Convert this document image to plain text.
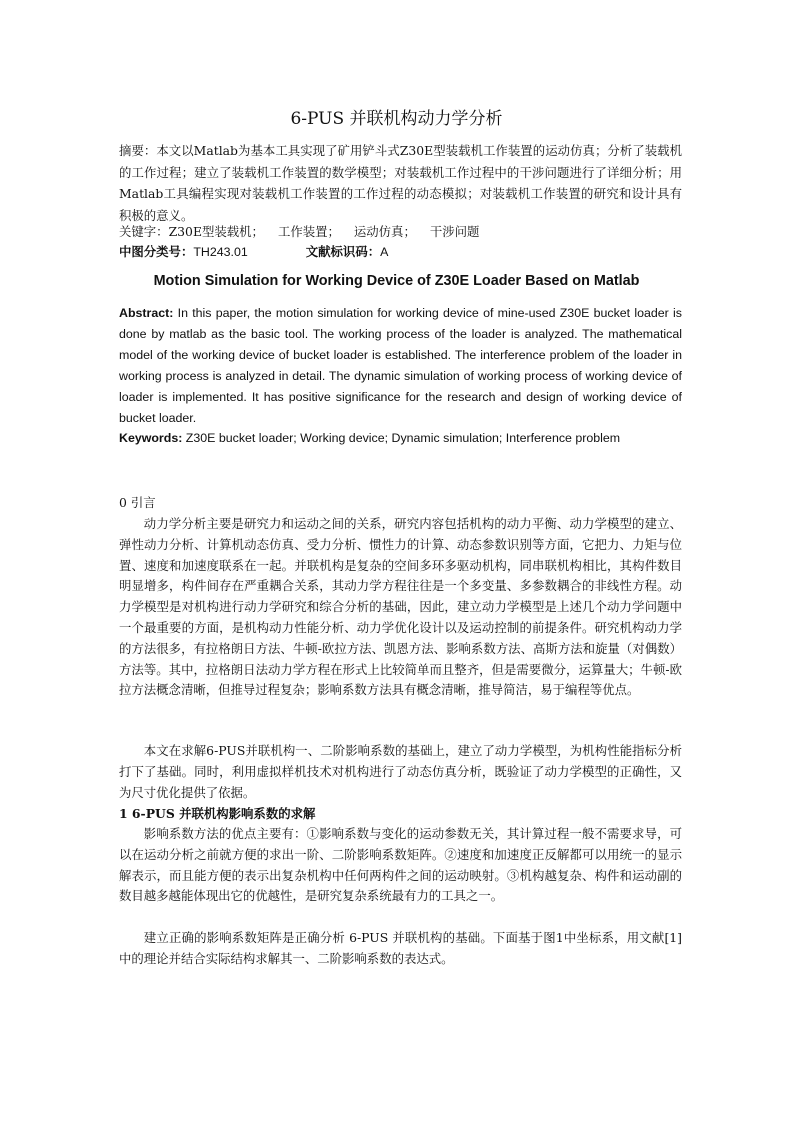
6-PUS 并联机构动力学分析

摘要：本文以Matlab为基本工具实现了矿用铲斗式Z30E型装载机工作装置的运动仿真；分析了装载机的工作过程；建立了装载机工作装置的数学模型；对装载机工作过程中的干涉问题进行了详细分析；用Matlab工具编程实现对装载机工作装置的工作过程的动态模拟；对装载机工作装置的研究和设计具有积极的意义。

关键字：Z30E型装载机； 工作装置； 运动仿真； 干涉问题
中图分类号：TH243.01	文献标识码：A
Motion Simulation for Working Device of Z30E Loader Based on Matlab

Abstract: In this paper, the motion simulation for working device of mine-used Z30E bucket loader is done by matlab as the basic tool. The working process of the loader is analyzed. The mathematical model of the working device of bucket loader is established. The interference problem of the loader in working process is analyzed in detail. The dynamic simulation of working process of working device of loader is implemented. It has positive significance for the research and design of working device of bucket loader.

Keywords: Z30E bucket loader; Working device; Dynamic simulation; Interference problem

0 引言

动力学分析主要是研究力和运动之间的关系，研究内容包括机构的动力平衡、动力学模型的建立、弹性动力分析、计算机动态仿真、受力分析、惯性力的计算、动态参数识别等方面，它把力、力矩与位置、速度和加速度联系在一起。并联机构是复杂的空间多环多驱动机构，同串联机构相比，其构件数目明显增多，构件间存在严重耦合关系，其动力学方程往往是一个多变量、多参数耦合的非线性方程。动力学模型是对机构进行动力学研究和综合分析的基础，因此，建立动力学模型是上述几个动力学问题中一个最重要的方面，是机构动力性能分析、动力学优化设计以及运动控制的前提条件。研究机构动力学的方法很多，有拉格朗日方法、牛顿-欧拉方法、凯恩方法、影响系数方法、高斯方法和旋量（对偶数）方法等。其中，拉格朗日法动力学方程在形式上比较简单而且整齐，但是需要微分，运算量大；牛顿-欧拉方法概念清晰，但推导过程复杂；影响系数方法具有概念清晰，推导简洁，易于编程等优点。

本文在求解6-PUS并联机构一、二阶影响系数的基础上，建立了动力学模型，为机构性能指标分析打下了基础。同时，利用虚拟样机技术对机构进行了动态仿真分析，既验证了动力学模型的正确性，又为尺寸优化提供了依据。

1 6-PUS 并联机构影响系数的求解

影响系数方法的优点主要有：①影响系数与变化的运动参数无关，其计算过程一般不需要求导，可以在运动分析之前就方便的求出一阶、二阶影响系数矩阵。②速度和加速度正反解都可以用统一的显示解表示，而且能方便的表示出复杂机构中任何两构件之间的运动映射。③机构越复杂、构件和运动副的数目越多越能体现出它的优越性，是研究复杂系统最有力的工具之一。

建立正确的影响系数矩阵是正确分析 6-PUS 并联机构的基础。下面基于图1中坐标系，用文献[1]中的理论并结合实际结构求解其一、二阶影响系数的表达式。
